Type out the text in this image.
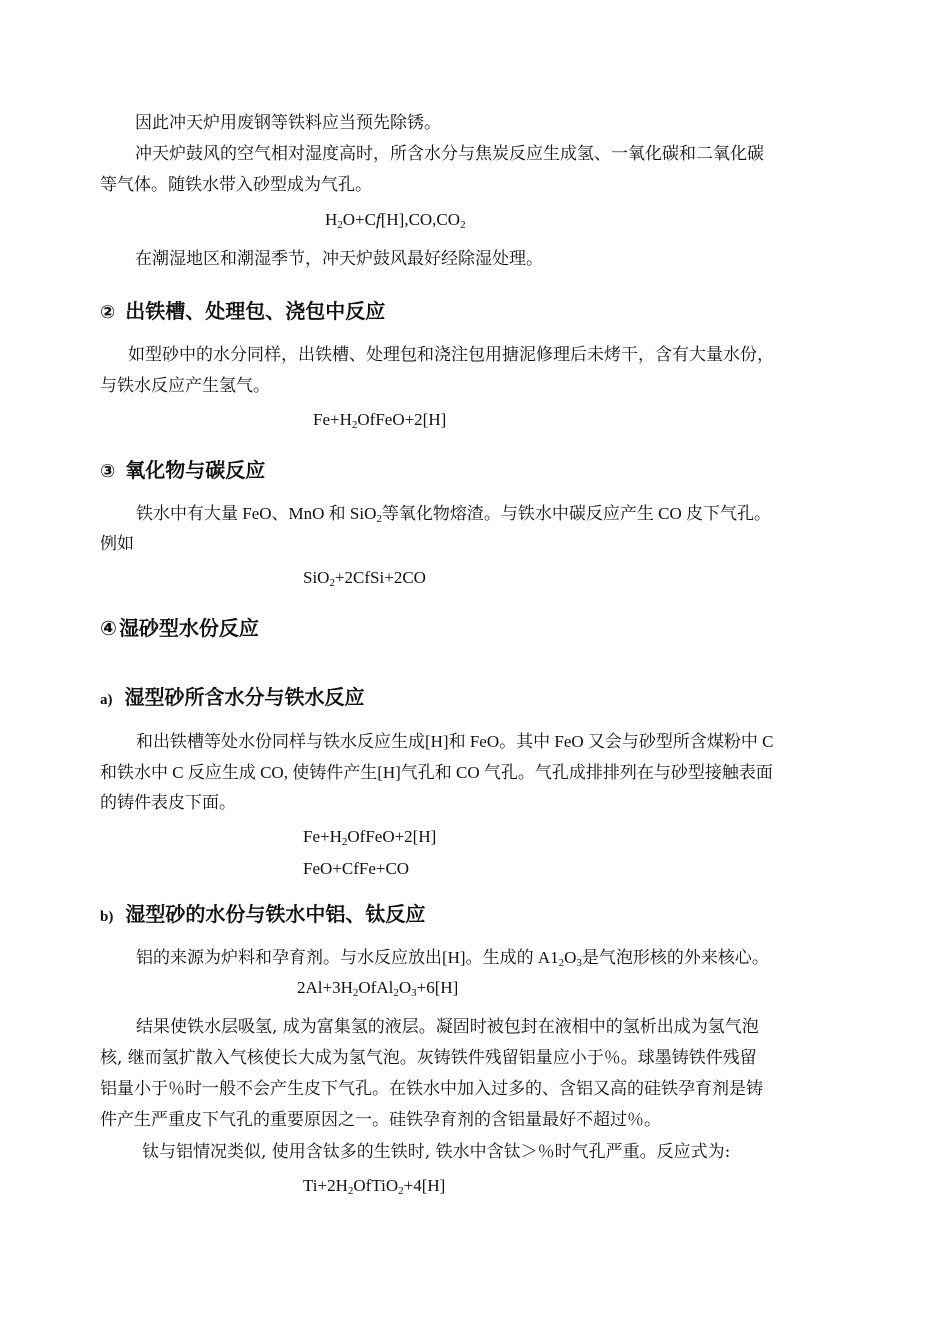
因此冲天炉用废钢等铁料应当预先除锈。

冲天炉鼓风的空气相对湿度高时，所含水分与焦炭反应生成氢、一氧化碳和二氧化碳

等气体。随铁水带入砂型成为气孔。

$H_2O+Cf[H],CO,CO_2$

在潮湿地区和潮湿季节，冲天炉鼓风最好经除湿处理。

② 出铁槽、处理包、浇包中反应

如型砂中的水分同样，出铁槽、处理包和浇注包用搪泥修理后未烤干，含有大量水份，

与铁水反应产生氢气。

$Fe+H_2OfFeO+2[H]$

③ 氧化物与碳反应

铁水中有大量 FeO、MnO 和 SiO$_2$等氧化物熔渣。与铁水中碳反应产生 CO 皮下气孔。

例如

SiO$_2$+2CfSi+2CO

④ 湿砂型水份反应
a) 湿型砂所含水分与铁水反应

和出铁槽等处水份同样与铁水反应生成[H]和 FeO。其中 FeO 又会与砂型所含煤粉中 C

和铁水中 C 反应生成 CO, 使铸件产生[H]气孔和 CO 气孔。气孔成排排列在与砂型接触表面

的铸件表皮下面。

$Fe+H_2OfFeO+2[H]$

FeO+CfFe+CO

b) 湿型砂的水份与铁水中铝、钛反应

铝的来源为炉料和孕育剂。与水反应放出[H]。生成的 $A1_2O_3$是气泡形核的外来核心。

$2Al+3H_2OfAl_2O_3+6[H]$

结果使铁水层吸氢, 成为富集氢的液层。凝固时被包封在液相中的氢析出成为氢气泡

核, 继而氢扩散入气核使长大成为氢气泡。灰铸铁件残留铝量应小于％。球墨铸铁件残留

铝量小于％时一般不会产生皮下气孔。在铁水中加入过多的、含铝又高的硅铁孕育剂是铸

件产生严重皮下气孔的重要原因之一。硅铁孕育剂的含铝量最好不超过％。

钛与铝情况类似, 使用含钛多的生铁时, 铁水中含钛＞％时气孔严重。反应式为:

$Ti+2H_2OfTiO_2+4[H]$
